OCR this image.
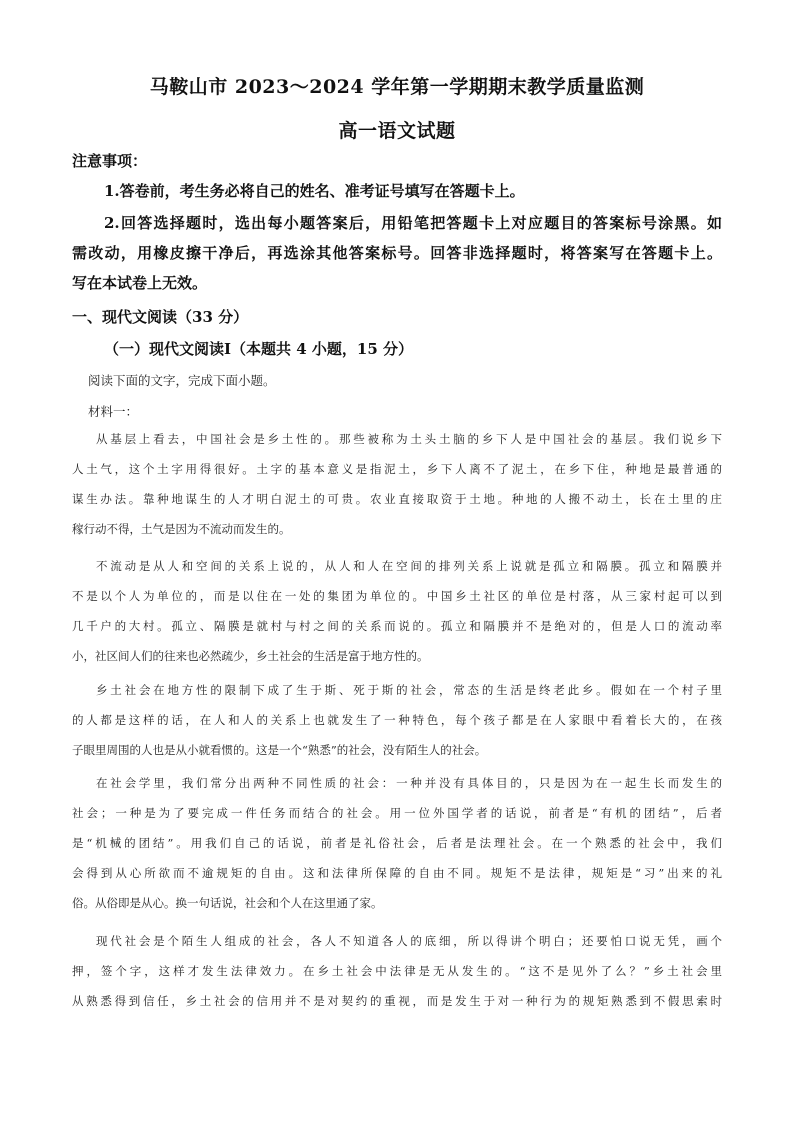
马鞍山市 2023～2024 学年第一学期期末教学质量监测
高一语文试题
注意事项：
1.答卷前，考生务必将自己的姓名、准考证号填写在答题卡上。
2.回答选择题时，选出每小题答案后，用铅笔把答题卡上对应题目的答案标号涂黑。如
需改动，用橡皮擦干净后，再选涂其他答案标号。回答非选择题时，将答案写在答题卡上。
写在本试卷上无效。
一、现代文阅读（33 分）
（一）现代文阅读Ⅰ（本题共 4 小题，15 分）
阅读下面的文字，完成下面小题。
材料一：
从基层上看去，中国社会是乡土性的。那些被称为土头土脑的乡下人是中国社会的基层。我们说乡下
人土气，这个土字用得很好。土字的基本意义是指泥土，乡下人离不了泥土，在乡下住，种地是最普通的
谋生办法。靠种地谋生的人才明白泥土的可贵。农业直接取资于土地。种地的人搬不动土，长在土里的庄
稼行动不得，土气是因为不流动而发生的。
不流动是从人和空间的关系上说的，从人和人在空间的排列关系上说就是孤立和隔膜。孤立和隔膜并
不是以个人为单位的，而是以住在一处的集团为单位的。中国乡土社区的单位是村落，从三家村起可以到
几千户的大村。孤立、隔膜是就村与村之间的关系而说的。孤立和隔膜并不是绝对的，但是人口的流动率
小，社区间人们的往来也必然疏少，乡土社会的生活是富于地方性的。
乡土社会在地方性的限制下成了生于斯、死于斯的社会，常态的生活是终老此乡。假如在一个村子里
的人都是这样的话，在人和人的关系上也就发生了一种特色，每个孩子都是在人家眼中看着长大的，在孩
子眼里周围的人也是从小就看惯的。这是一个“熟悉”的社会，没有陌生人的社会。
在社会学里，我们常分出两种不同性质的社会：一种并没有具体目的，只是因为在一起生长而发生的
社会；一种是为了要完成一件任务而结合的社会。用一位外国学者的话说，前者是“有机的团结”，后者
是“机械的团结”。用我们自己的话说，前者是礼俗社会，后者是法理社会。在一个熟悉的社会中，我们
会得到从心所欲而不逾规矩的自由。这和法律所保障的自由不同。规矩不是法律，规矩是“习”出来的礼
俗。从俗即是从心。换一句话说，社会和个人在这里通了家。
现代社会是个陌生人组成的社会，各人不知道各人的底细，所以得讲个明白；还要怕口说无凭，画个
押，签个字，这样才发生法律效力。在乡土社会中法律是无从发生的。“这不是见外了么？”乡土社会里
从熟悉得到信任，乡土社会的信用并不是对契约的重视，而是发生于对一种行为的规矩熟悉到不假思索时
